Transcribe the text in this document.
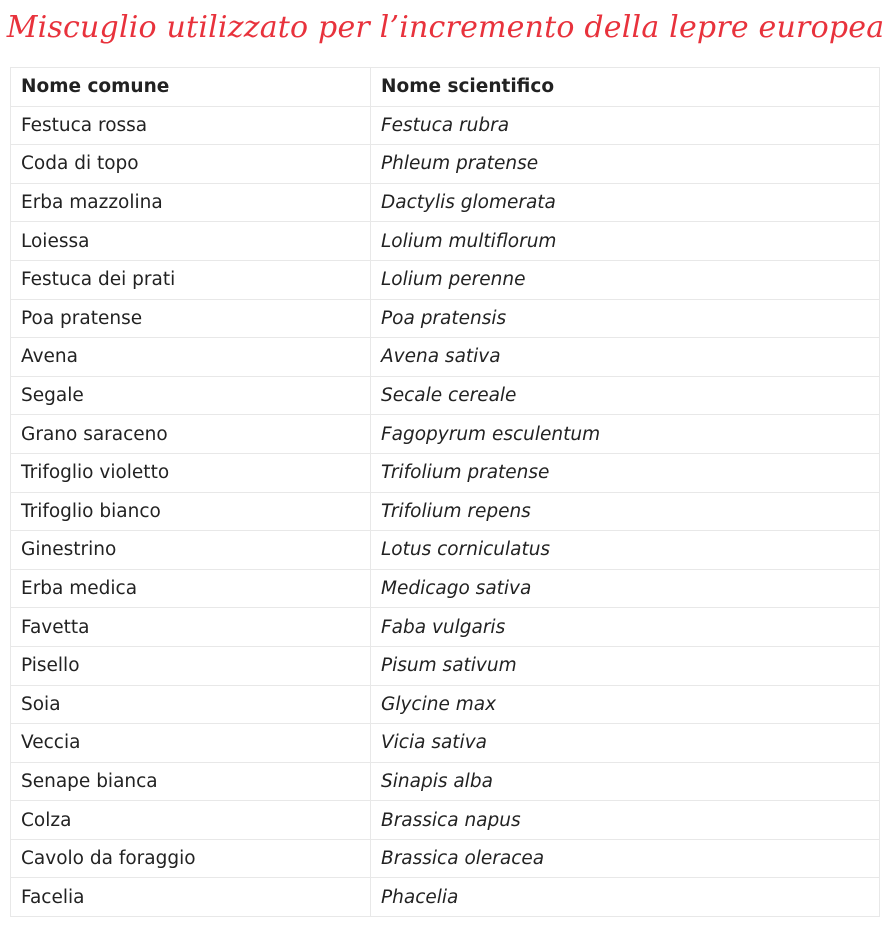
Miscuglio utilizzato per l’incremento della lepre europea
Nome comune	Nome scientifico
Festuca rossa	Festuca rubra
Coda di topo	Phleum pratense
Erba mazzolina	Dactylis glomerata
Loiessa	Lolium multiflorum
Festuca dei prati	Lolium perenne
Poa pratense	Poa pratensis
Avena	Avena sativa
Segale	Secale cereale
Grano saraceno	Fagopyrum esculentum
Trifoglio violetto	Trifolium pratense
Trifoglio bianco	Trifolium repens
Ginestrino	Lotus corniculatus
Erba medica	Medicago sativa
Favetta	Faba vulgaris
Pisello	Pisum sativum
Soia	Glycine max
Veccia	Vicia sativa
Senape bianca	Sinapis alba
Colza	Brassica napus
Cavolo da foraggio	Brassica oleracea
Facelia	Phacelia
